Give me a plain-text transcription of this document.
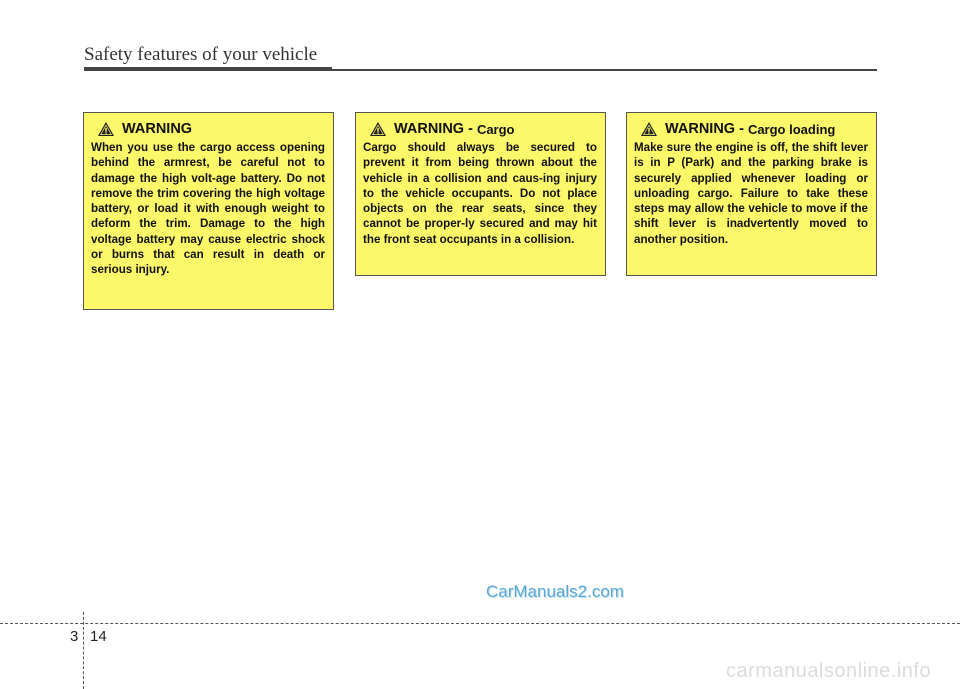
Safety features of your vehicle
WARNING
When you use the cargo access opening behind the armrest, be careful not to damage the high volt-age battery. Do not remove the trim covering the high voltage battery, or load it with enough weight to deform the trim. Damage to the high voltage battery may cause electric shock or burns that can result in death or serious injury.
WARNING - Cargo
Cargo should always be secured to prevent it from being thrown about the vehicle in a collision and caus-ing injury to the vehicle occupants. Do not place objects on the rear seats, since they cannot be proper-ly secured and may hit the front seat occupants in a collision.
WARNING - Cargo loading
Make sure the engine is off, the shift lever is in P (Park) and the parking brake is securely applied whenever loading or unloading cargo. Failure to take these steps may allow the vehicle to move if the shift lever is inadvertently moved to another position.
CarManuals2.com
3 14
carmanualsonline.info
